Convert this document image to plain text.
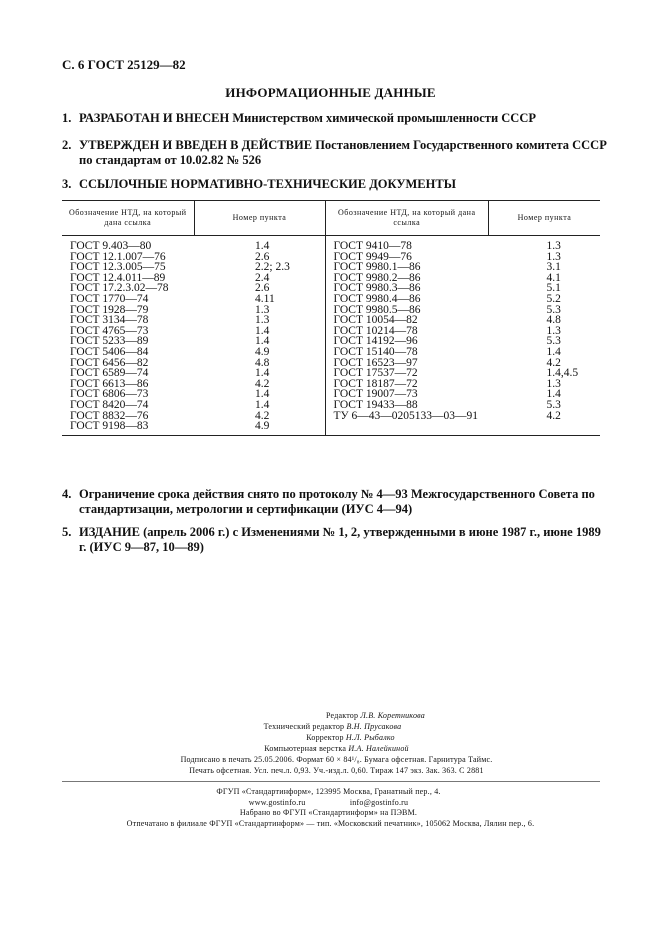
С. 6 ГОСТ 25129—82
ИНФОРМАЦИОННЫЕ ДАННЫЕ
1. РАЗРАБОТАН И ВНЕСЕН Министерством химической промышленности СССР
2. УТВЕРЖДЕН И ВВЕДЕН В ДЕЙСТВИЕ Постановлением Государственного комитета СССР по стандартам от 10.02.82 № 526
3. ССЫЛОЧНЫЕ НОРМАТИВНО-ТЕХНИЧЕСКИЕ ДОКУМЕНТЫ
Обозначение НТД, на который дана ссылка	Номер пункта	Обозначение НТД, на который дана ссылка	Номер пункта
ГОСТ 9.403—80	1.4	ГОСТ 9410—78	1.3
ГОСТ 12.1.007—76	2.6	ГОСТ 9949—76	1.3
ГОСТ 12.3.005—75	2.2; 2.3	ГОСТ 9980.1—86	3.1
ГОСТ 12.4.011—89	2.4	ГОСТ 9980.2—86	4.1
ГОСТ 17.2.3.02—78	2.6	ГОСТ 9980.3—86	5.1
ГОСТ 1770—74	4.11	ГОСТ 9980.4—86	5.2
ГОСТ 1928—79	1.3	ГОСТ 9980.5—86	5.3
ГОСТ 3134—78	1.3	ГОСТ 10054—82	4.8
ГОСТ 4765—73	1.4	ГОСТ 10214—78	1.3
ГОСТ 5233—89	1.4	ГОСТ 14192—96	5.3
ГОСТ 5406—84	4.9	ГОСТ 15140—78	1.4
ГОСТ 6456—82	4.8	ГОСТ 16523—97	4.2
ГОСТ 6589—74	1.4	ГОСТ 17537—72	1.4,4.5
ГОСТ 6613—86	4.2	ГОСТ 18187—72	1.3
ГОСТ 6806—73	1.4	ГОСТ 19007—73	1.4
ГОСТ 8420—74	1.4	ГОСТ 19433—88	5.3
ГОСТ 8832—76	4.2	ТУ 6—43—0205133—03—91	4.2
ГОСТ 9198—83	4.9		
4. Ограничение срока действия снято по протоколу № 4—93 Межгосударственного Совета по стандартизации, метрологии и сертификации (ИУС 4—94)
5. ИЗДАНИЕ (апрель 2006 г.) с Изменениями № 1, 2, утвержденными в июне 1987 г., июне 1989 г. (ИУС 9—87, 10—89)
Редактор Л.В. Коретникова
Технический редактор В.Н. Прусакова
Корректор Н.Л. Рыбалко
Компьютерная верстка И.А. Налейкиной
Подписано в печать 25.05.2006. Формат 60 × 84¹/₈. Бумага офсетная. Гарнитура Таймс.
Печать офсетная. Усл. печ.л. 0,93. Уч.-изд.л. 0,60. Тираж 147 экз. Зак. 363. С 2881
ФГУП «Стандартинформ», 123995 Москва, Гранатный пер., 4.
www.gostinfo.ru	info@gostinfo.ru
Набрано во ФГУП «Стандартинформ» на ПЭВМ.
Отпечатано в филиале ФГУП «Стандартинформ» — тип. «Московский печатник», 105062 Москва, Лялин пер., 6.
